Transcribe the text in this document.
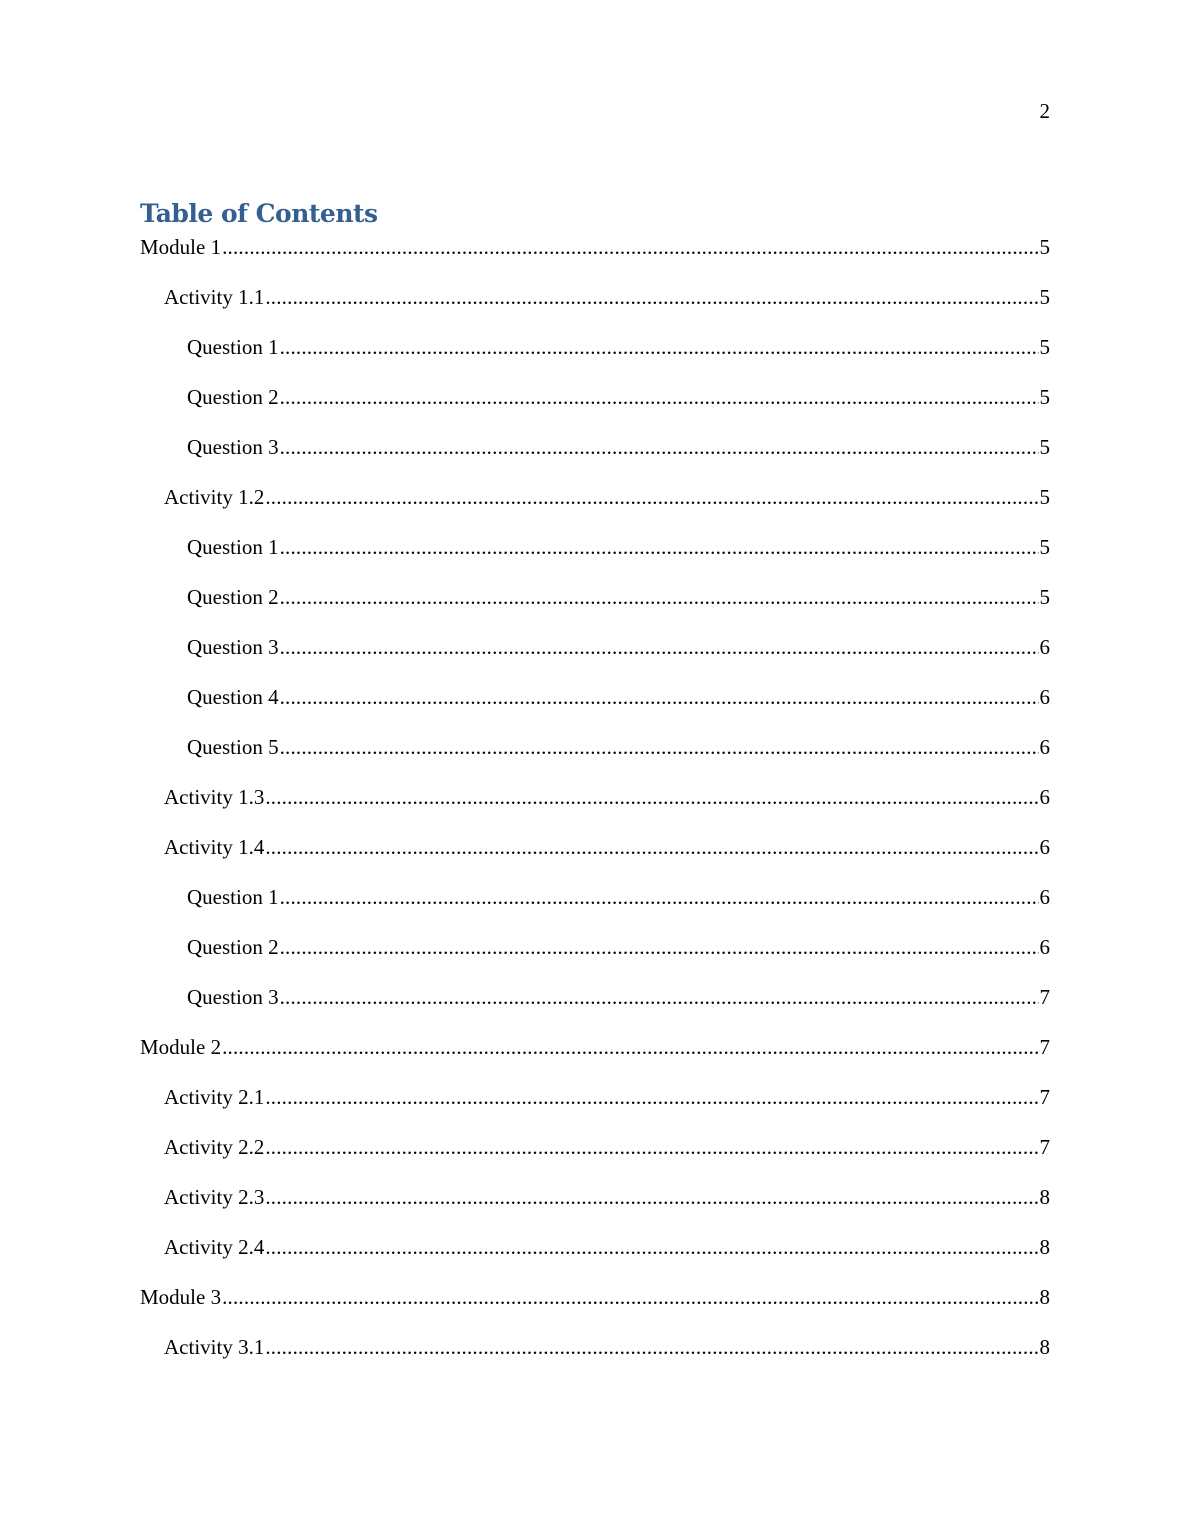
2
Table of Contents
Module 1 .....	5
Activity 1.1 .....	5
Question 1 .....	5
Question 2 .....	5
Question 3 .....	5
Activity 1.2 .....	5
Question 1 .....	5
Question 2 .....	5
Question 3 .....	6
Question 4 .....	6
Question 5 .....	6
Activity 1.3 .....	6
Activity 1.4 .....	6
Question 1 .....	6
Question 2 .....	6
Question 3 .....	7
Module 2 .....	7
Activity 2.1 .....	7
Activity 2.2 .....	7
Activity 2.3 .....	8
Activity 2.4 .....	8
Module 3 .....	8
Activity 3.1 .....	8
